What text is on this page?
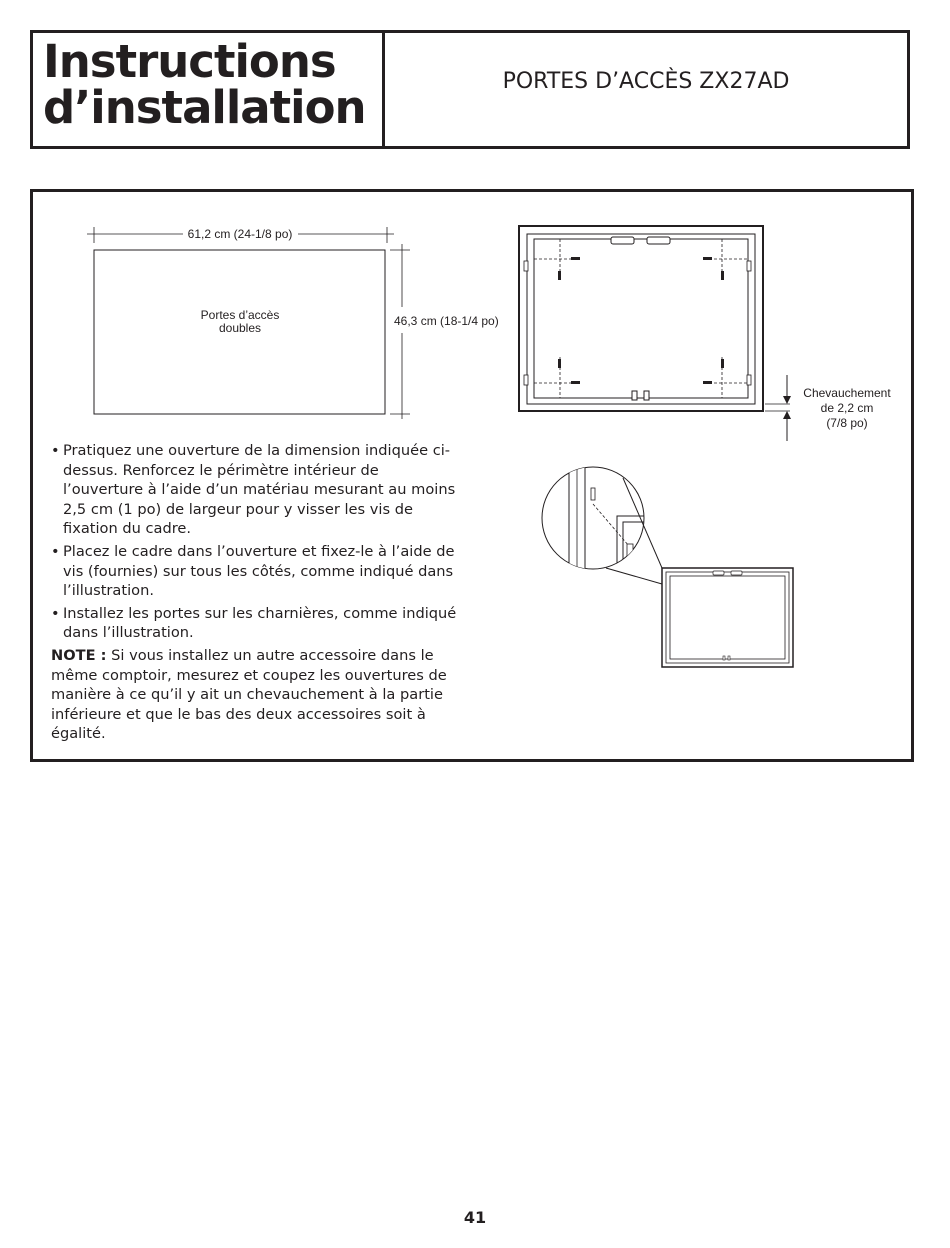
Instructions
d’installation	PORTES D’ACCÈS ZX27AD
61,2 cm (24-1/8 po)
Portes d’accès
doubles	46,3 cm (18-1/4 po)
Chevauchement
de 2,2 cm
(7/8 po)
• Pratiquez une ouverture de la dimension indiquée ci-dessus. Renforcez le périmètre intérieur de l’ouverture à l’aide d’un matériau mesurant au moins 2,5 cm (1 po) de largeur pour y visser les vis de fixation du cadre.
• Placez le cadre dans l’ouverture et fixez-le à l’aide de vis (fournies) sur tous les côtés, comme indiqué dans l’illustration.
• Installez les portes sur les charnières, comme indiqué dans l’illustration.

NOTE : Si vous installez un autre accessoire dans le même comptoir, mesurez et coupez les ouvertures de manière à ce qu’il y ait un chevauchement à la partie inférieure et que le bas des deux accessoires soit à égalité.

41
